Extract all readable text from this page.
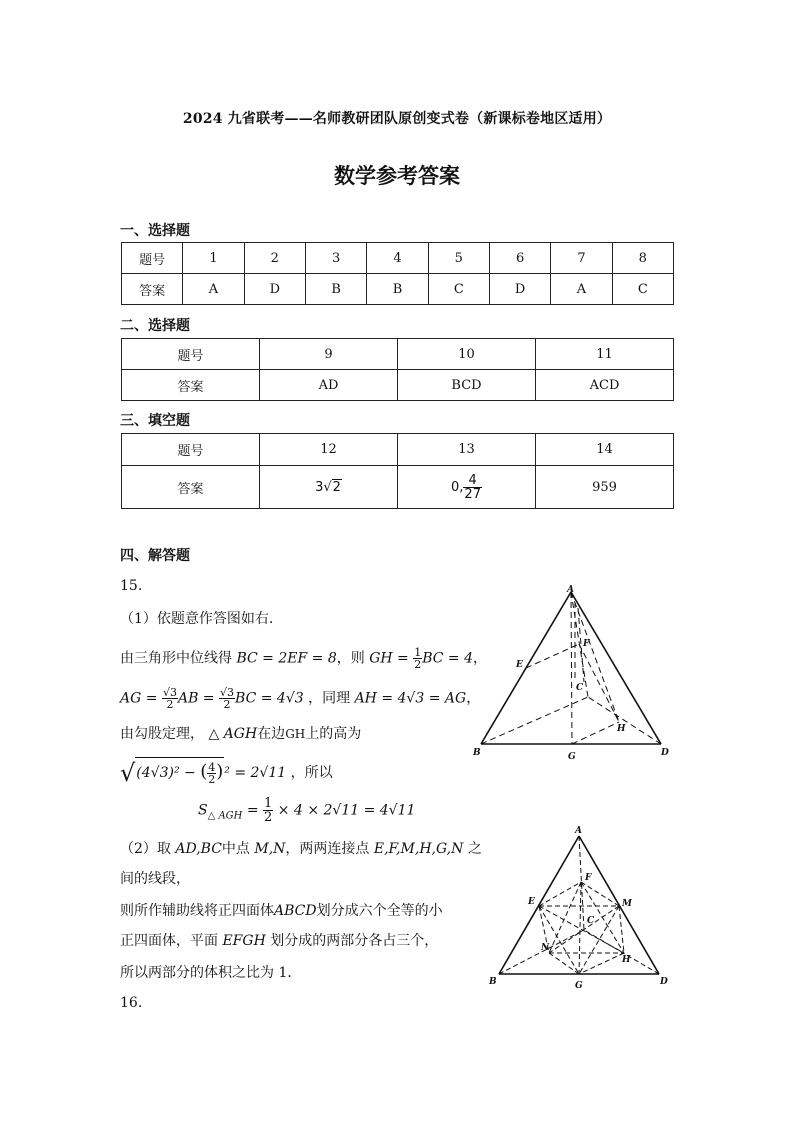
2024 九省联考——名师教研团队原创变式卷（新课标卷地区适用）
数学参考答案
一、选择题
题号	1	2	3	4	5	6	7	8
答案	A	D	B	B	C	D	A	C
二、选择题
题号	9	10	11
答案	AD	BCD	ACD
三、填空题
题号	12	13	14
答案	3√2	0, $\frac{4}{27}$	959
四、解答题
15.
（1）依题意作答图如右.
由三角形中位线得 BC = 2EF = 8，则 GH = $\frac{1}{2}$ BC = 4，
AG = $\frac{√3}{2}$ AB = $\frac{√3}{2}$ BC = 4√3 ，同理 AH = 4√3 = AG，
由勾股定理， △ AGH在边GH上的高为
√(4√3)² − ( $\frac{4}{2} )^2 = 2√11$ ，所以
$S_{\triangle AGH} = \frac{1}{2} \times 4 \times 2√11 = 4√11$
（2）取 AD,BC中点 M,N，两两连接点 E,F,M,H,G,N 之
间的线段，
则所作辅助线将正四面体ABCD划分成六个全等的小
正四面体，平面 EFGH 划分成的两部分各占三个，
所以两部分的体积之比为 1．
16.
A
E
F
C
H
B	G	D
A
E
F
M
C
N
H
B	G	D
